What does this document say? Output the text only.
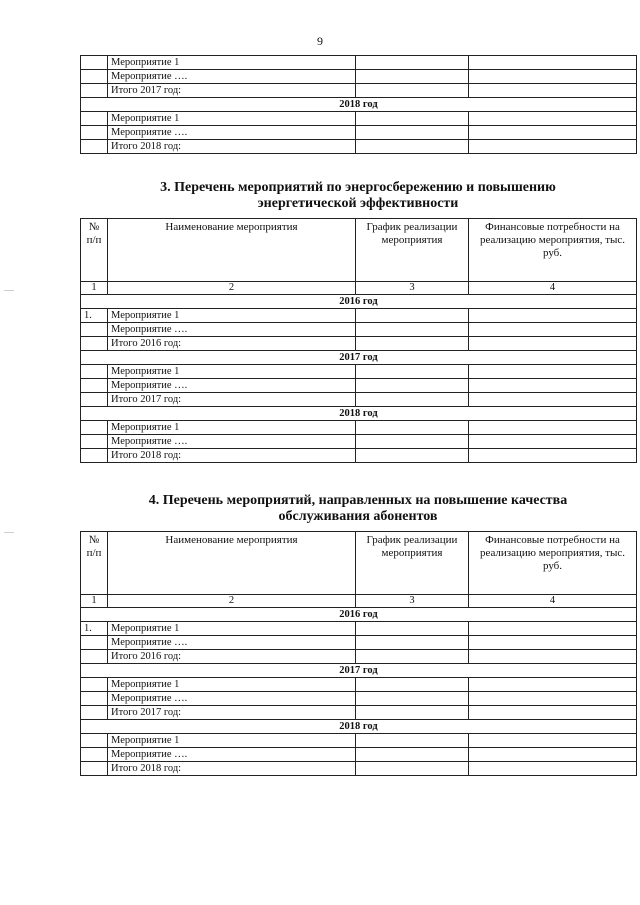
9
	Мероприятие 1		
	Мероприятие ….		
	Итого 2017 год:		
2018 год			
	Мероприятие 1		
	Мероприятие ….		
	Итого 2018 год:		
3. Перечень мероприятий по энергосбережению и повышению
энергетической эффективности
№ п/п	Наименование мероприятия	График реализации мероприятия	Финансовые потребности на реализацию мероприятия, тыс. руб.
1	2	3	4
2016 год			
1.	Мероприятие 1		
	Мероприятие ….		
	Итого 2016 год:		
2017 год			
	Мероприятие 1		
	Мероприятие ….		
	Итого 2017 год:		
2018 год			
	Мероприятие 1		
	Мероприятие ….		
	Итого 2018 год:		
4. Перечень мероприятий, направленных на повышение качества
обслуживания абонентов
№ п/п	Наименование мероприятия	График реализации мероприятия	Финансовые потребности на реализацию мероприятия, тыс. руб.
1	2	3	4
2016 год			
1.	Мероприятие 1		
	Мероприятие ….		
	Итого 2016 год:		
2017 год			
	Мероприятие 1		
	Мероприятие ….		
	Итого 2017 год:		
2018 год			
	Мероприятие 1		
	Мероприятие ….		
	Итого 2018 год:		
